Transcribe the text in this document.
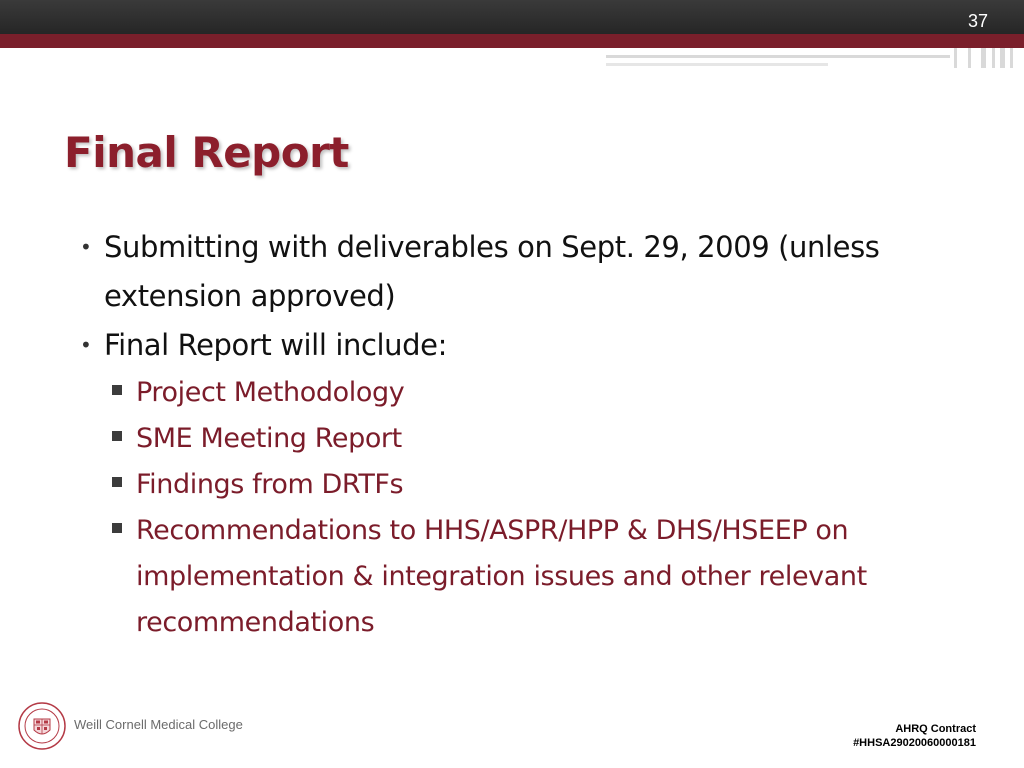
37
Final Report
• Submitting with deliverables on Sept. 29, 2009 (unless extension approved)
• Final Report will include:
Project Methodology
SME Meeting Report
Findings from DRTFs
Recommendations to HHS/ASPR/HPP & DHS/HSEEP on implementation & integration issues and other relevant recommendations
Weill Cornell Medical College	AHRQ Contract
#HHSA29020060000181
